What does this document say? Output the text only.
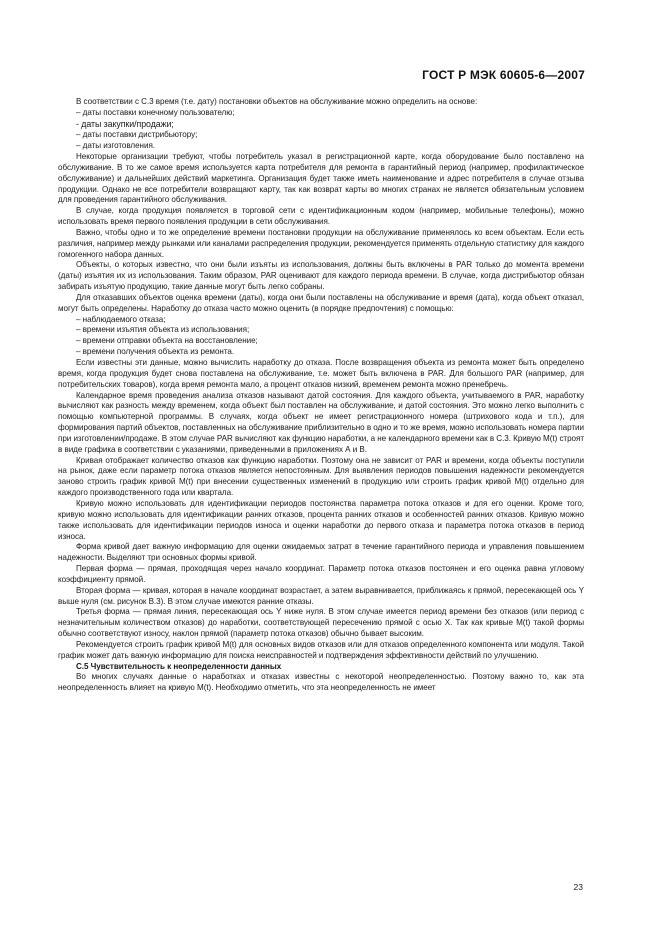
ГОСТ Р МЭК 60605-6—2007

В соответствии с С.3 время (т.е. дату) постановки объектов на обслуживание можно определить на основе:

– даты поставки конечному пользователю;

- даты закупки/продажи;

– даты поставки дистрибьютору;

– даты изготовления.

Некоторые организации требуют, чтобы потребитель указал в регистрационной карте, когда оборудование было поставлено на обслуживание. В то же самое время используется карта потребителя для ремонта в гарантийный период (например, профилактическое обслуживание) и дальнейших действий маркетинга. Организация будет также иметь наименование и адрес потребителя в случае отзыва продукции. Однако не все потребители возвращают карту, так как возврат карты во многих странах не является обязательным условием для проведения гарантийного обслуживания.

В случае, когда продукция появляется в торговой сети с идентификационным кодом (например, мобильные телефоны), можно использовать время первого появления продукции в сети обслуживания.

Важно, чтобы одно и то же определение времени постановки продукции на обслуживание применялось ко всем объектам. Если есть различия, например между рынками или каналами распределения продукции, рекомендуется применять отдельную статистику для каждого гомогенного набора данных.

Объекты, о которых известно, что они были изъяты из использования, должны быть включены в PAR только до момента времени (даты) изъятия их из использования. Таким образом, PAR оценивают для каждого периода времени. В случае, когда дистрибьютор обязан забирать изъятую продукцию, такие данные могут быть легко собраны.

Для отказавших объектов оценка времени (даты), когда они были поставлены на обслуживание и время (дата), когда объект отказал, могут быть определены. Наработку до отказа часто можно оценить (в порядке предпочтения) с помощью:

– наблюдаемого отказа;

– времени изъятия объекта из использования;

– времени отправки объекта на восстановление;

– времени получения объекта из ремонта.

Если известны эти данные, можно вычислить наработку до отказа. После возвращения объекта из ремонта может быть определено время, когда продукция будет снова поставлена на обслуживание, т.е. может быть включена в PAR. Для большого PAR (например, для потребительских товаров), когда время ремонта мало, а процент отказов низкий, временем ремонта можно пренебречь.

Календарное время проведения анализа отказов называют датой состояния. Для каждого объекта, учитываемого в PAR, наработку вычисляют как разность между временем, когда объект был поставлен на обслуживание, и датой состояния. Это можно легко выполнить с помощью компьютерной программы. В случаях, когда объект не имеет регистрационного номера (штрихового кода и т.п.), для формирования партий объектов, поставленных на обслуживание приблизительно в одно и то же время, можно использовать номера партии при изготовлении/продаже. В этом случае PAR вычисляют как функцию наработки, а не календарного времени как в С.3. Кривую M(t) строят в виде графика в соответствии с указаниями, приведенными в приложениях А и В.

Кривая отображает количество отказов как функцию наработки. Поэтому она не зависит от PAR и времени, когда объекты поступили на рынок, даже если параметр потока отказов является непостоянным. Для выявления периодов повышения надежности рекомендуется заново строить график кривой M(t) при внесении существенных изменений в продукцию или строить график кривой M(t) отдельно для каждого производственного года или квартала.

Кривую можно использовать для идентификации периодов постоянства параметра потока отказов и для его оценки. Кроме того, кривую можно использовать для идентификации ранних отказов, процента ранних отказов и особенностей ранних отказов. Кривую можно также использовать для идентификации периодов износа и оценки наработки до первого отказа и параметра потока отказов в период износа.

Форма кривой дает важную информацию для оценки ожидаемых затрат в течение гарантийного периода и управления повышением надежности. Выделяют три основных формы кривой.

Первая форма — прямая, проходящая через начало координат. Параметр потока отказов постоянен и его оценка равна угловому коэффициенту прямой.

Вторая форма — кривая, которая в начале координат возрастает, а затем выравнивается, приближаясь к прямой, пересекающей ось Y выше нуля (см. рисунок В.3). В этом случае имеются ранние отказы.

Третья форма — прямая линия, пересекающая ось Y ниже нуля. В этом случае имеется период времени без отказов (или период с незначительным количеством отказов) до наработки, соответствующей пересечению прямой с осью X. Так как кривые M(t) такой формы обычно соответствуют износу, наклон прямой (параметр потока отказов) обычно бывает высоким.

Рекомендуется строить график кривой M(t) для основных видов отказов или для отказов определенного компонента или модуля. Такой график может дать важную информацию для поиска неисправностей и подтверждения эффективности действий по улучшению.

С.5 Чувствительность к неопределенности данных

Во многих случаях данные о наработках и отказах известны с некоторой неопределенностью. Поэтому важно то, как эта неопределенность влияет на кривую M(t). Необходимо отметить, что эта неопределенность не имеет

23
